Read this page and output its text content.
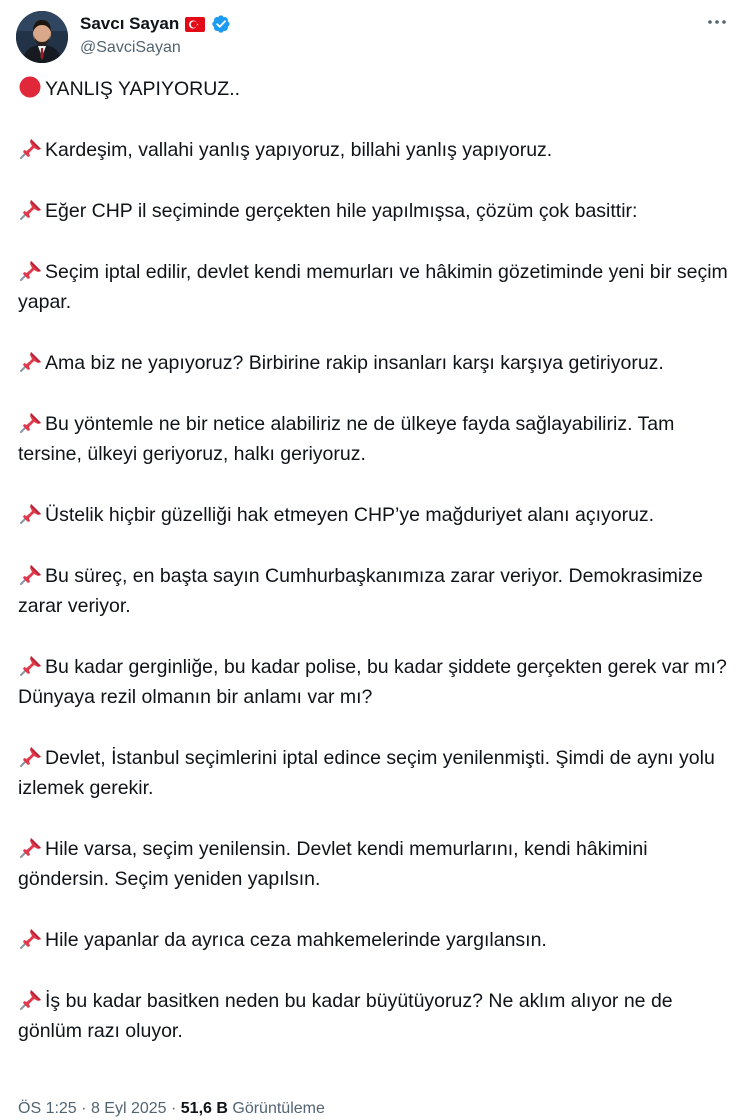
Savcı Sayan
@SavciSayan

YANLIŞ YAPIYORUZ..

Kardeşim, vallahi yanlış yapıyoruz, billahi yanlış yapıyoruz.

Eğer CHP il seçiminde gerçekten hile yapılmışsa, çözüm çok basittir:

Seçim iptal edilir, devlet kendi memurları ve hâkimin gözetiminde yeni bir seçim yapar.

Ama biz ne yapıyoruz? Birbirine rakip insanları karşı karşıya getiriyoruz.

Bu yöntemle ne bir netice alabiliriz ne de ülkeye fayda sağlayabiliriz. Tam tersine, ülkeyi geriyoruz, halkı geriyoruz.

Üstelik hiçbir güzelliği hak etmeyen CHP’ye mağduriyet alanı açıyoruz.

Bu süreç, en başta sayın Cumhurbaşkanımıza zarar veriyor. Demokrasimize zarar veriyor.

Bu kadar gerginliğe, bu kadar polise, bu kadar şiddete gerçekten gerek var mı? Dünyaya rezil olmanın bir anlamı var mı?

Devlet, İstanbul seçimlerini iptal edince seçim yenilenmişti. Şimdi de aynı yolu izlemek gerekir.

Hile varsa, seçim yenilensin. Devlet kendi memurlarını, kendi hâkimini göndersin. Seçim yeniden yapılsın.

Hile yapanlar da ayrıca ceza mahkemelerinde yargılansın.

İş bu kadar basitken neden bu kadar büyütüyoruz? Ne aklım alıyor ne de gönlüm razı oluyor.

ÖS 1:25 · 8 Eyl 2025 · 51,6 B Görüntüleme
